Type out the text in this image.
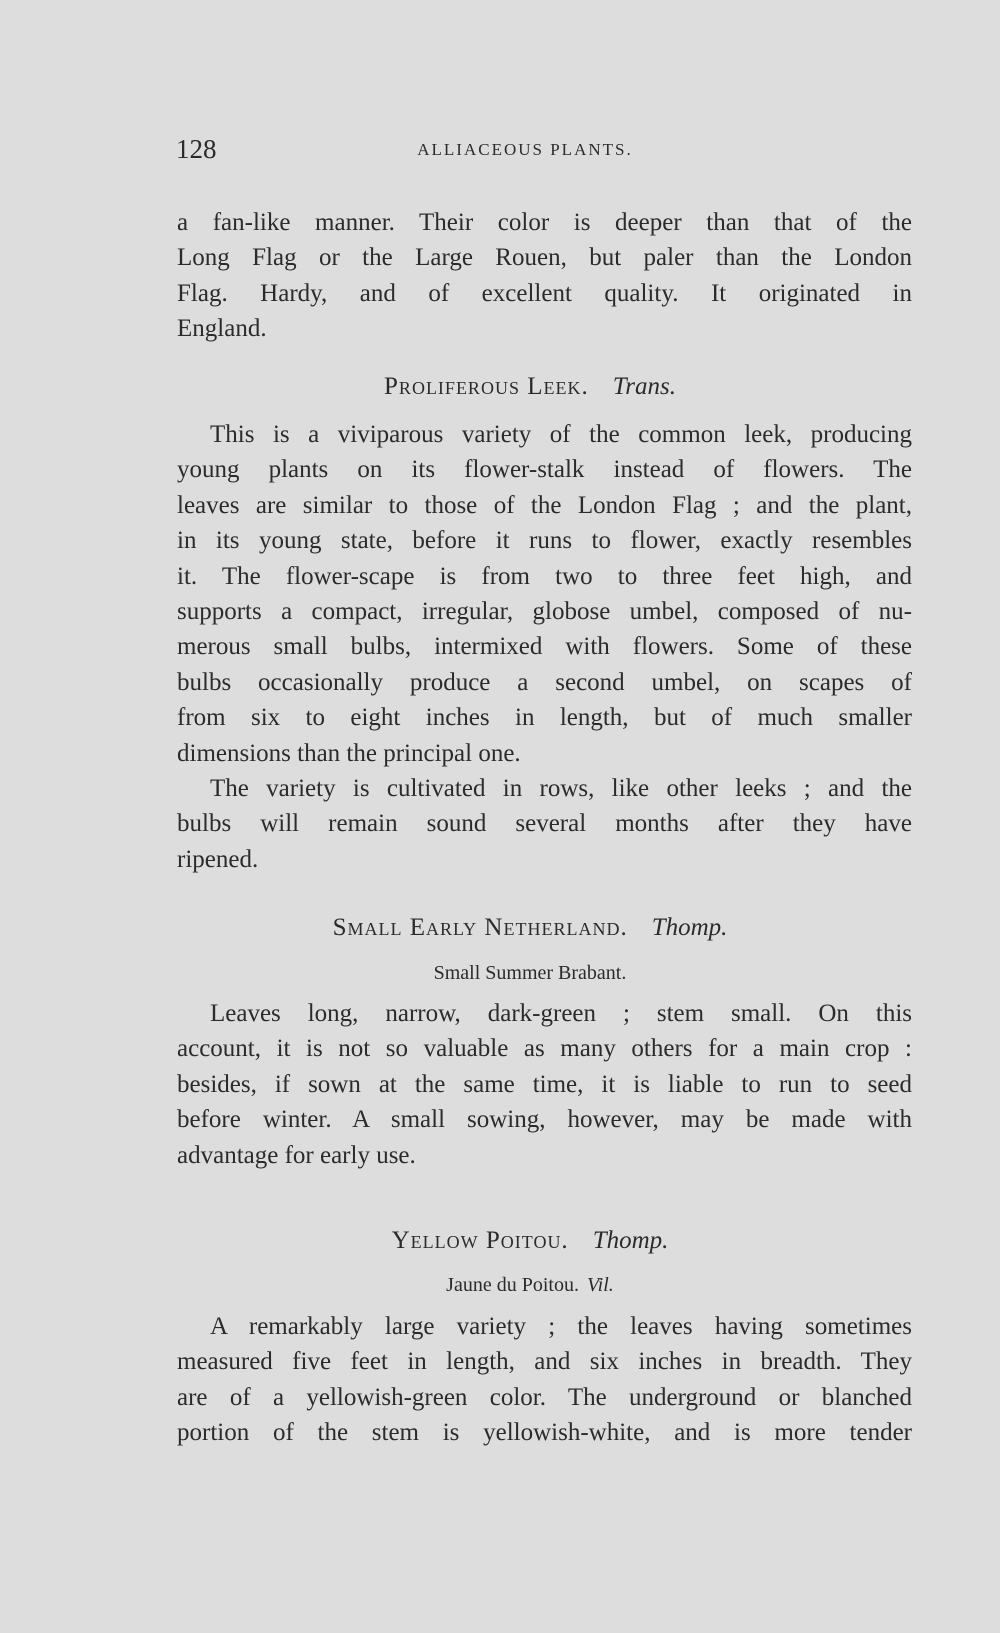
128	ALLIACEOUS PLANTS.
a fan-like manner. Their color is deeper than that of the
Long Flag or the Large Rouen, but paler than the London
Flag. Hardy, and of excellent quality. It originated in
England.
Proliferous Leek. Trans.
This is a viviparous variety of the common leek, producing
young plants on its flower-stalk instead of flowers. The
leaves are similar to those of the London Flag ; and the plant,
in its young state, before it runs to flower, exactly resembles
it. The flower-scape is from two to three feet high, and
supports a compact, irregular, globose umbel, composed of nu-
merous small bulbs, intermixed with flowers. Some of these
bulbs occasionally produce a second umbel, on scapes of
from six to eight inches in length, but of much smaller
dimensions than the principal one.
The variety is cultivated in rows, like other leeks ; and the
bulbs will remain sound several months after they have
ripened.
Small Early Netherland. Thomp.
Small Summer Brabant.
Leaves long, narrow, dark-green ; stem small. On this
account, it is not so valuable as many others for a main crop :
besides, if sown at the same time, it is liable to run to seed
before winter. A small sowing, however, may be made with
advantage for early use.
Yellow Poitou. Thomp.
Jaune du Poitou. Vil.
A remarkably large variety ; the leaves having sometimes
measured five feet in length, and six inches in breadth. They
are of a yellowish-green color. The underground or blanched
portion of the stem is yellowish-white, and is more tender
